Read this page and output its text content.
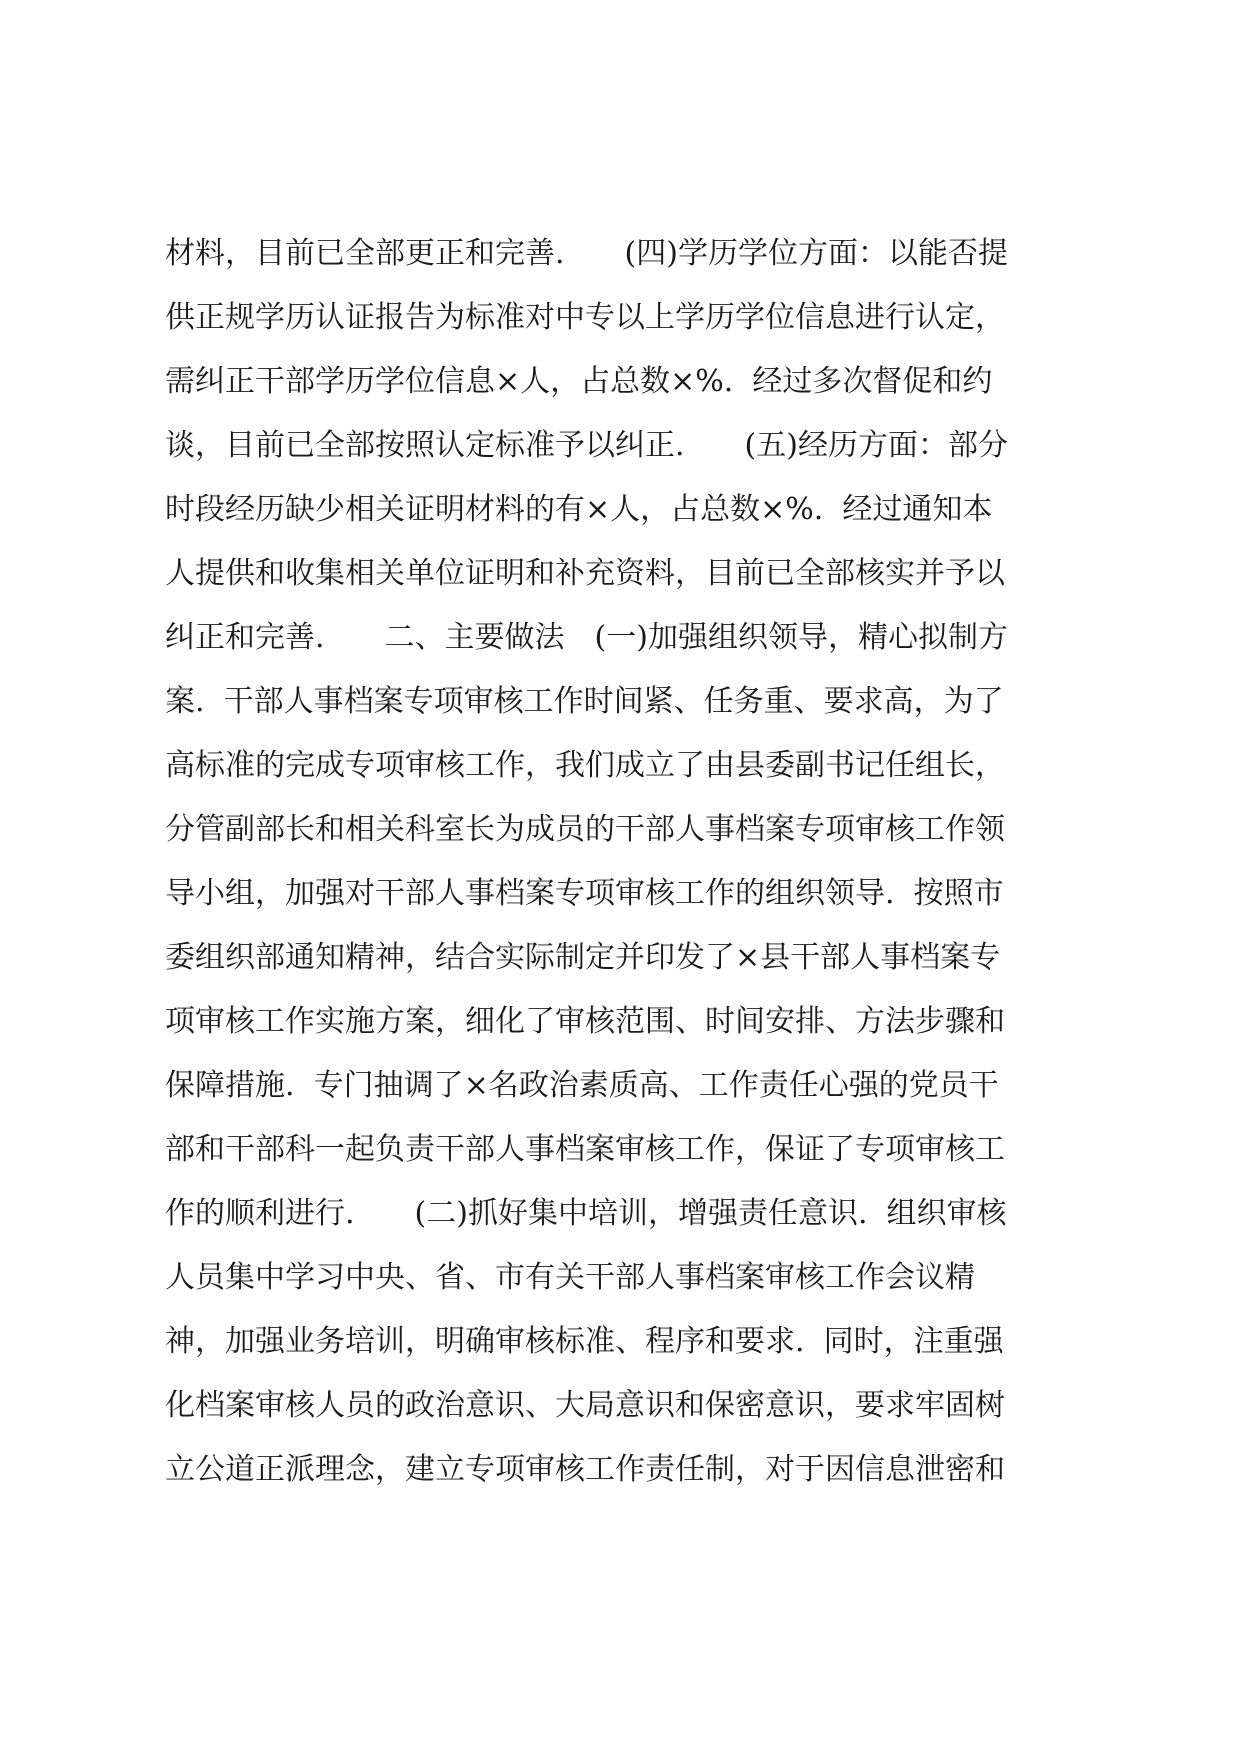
材料，目前已全部更正和完善.　　(四)学历学位方面：以能否提
供正规学历认证报告为标准对中专以上学历学位信息进行认定，
需纠正干部学历学位信息×人，占总数×%.  经过多次督促和约
谈，目前已全部按照认定标准予以纠正.　　(五)经历方面：部分
时段经历缺少相关证明材料的有×人，占总数×%.  经过通知本
人提供和收集相关单位证明和补充资料，目前已全部核实并予以
纠正和完善.　　二、主要做法　(一)加强组织领导，精心拟制方
案.  干部人事档案专项审核工作时间紧、任务重、要求高，为了
高标准的完成专项审核工作，我们成立了由县委副书记任组长，
分管副部长和相关科室长为成员的干部人事档案专项审核工作领
导小组，加强对干部人事档案专项审核工作的组织领导.  按照市
委组织部通知精神，结合实际制定并印发了×县干部人事档案专
项审核工作实施方案，细化了审核范围、时间安排、方法步骤和
保障措施.  专门抽调了×名政治素质高、工作责任心强的党员干
部和干部科一起负责干部人事档案审核工作，保证了专项审核工
作的顺利进行.　　(二)抓好集中培训，增强责任意识.  组织审核
人员集中学习中央、省、市有关干部人事档案审核工作会议精
神，加强业务培训，明确审核标准、程序和要求.  同时，注重强
化档案审核人员的政治意识、大局意识和保密意识，要求牢固树
立公道正派理念，建立专项审核工作责任制，对于因信息泄密和
